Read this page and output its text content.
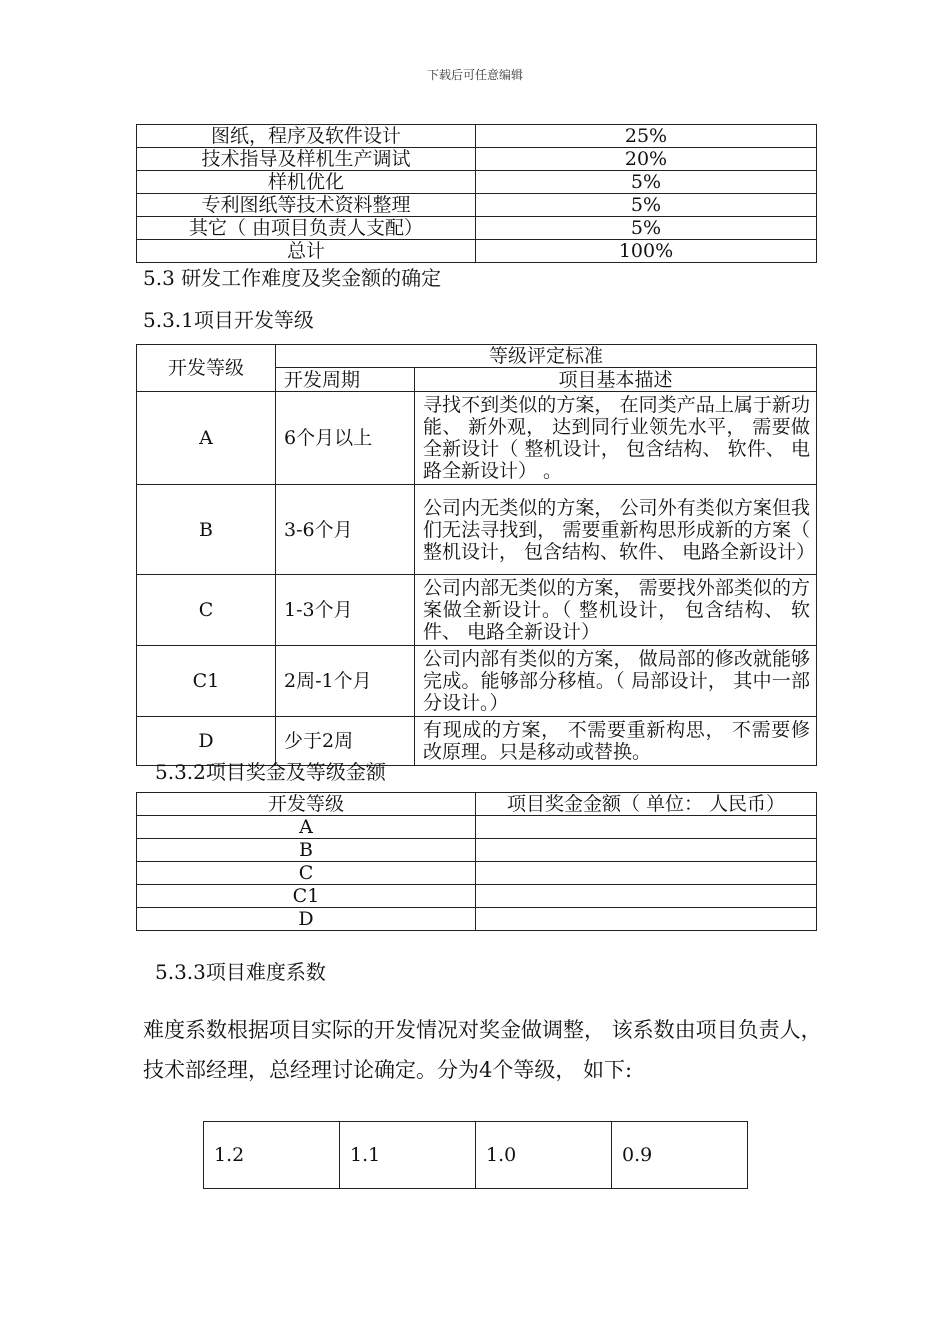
下载后可任意编辑
图纸，程序及软件设计	25%
技术指导及样机生产调试	20%
样机优化	5%
专利图纸等技术资料整理	5%
其它（ 由项目负责人支配）	5%
总计	100%
5.3 研发工作难度及奖金额的确定
5.3.1项目开发等级
开发等级	等级评定标准	
	开发周期	项目基本描述
A	6个月以上	寻找不到类似的方案， 在同类产品上属于新功能、 新外观， 达到同行业领先水平， 需要做全新设计（ 整机设计， 包含结构、 软件、 电路全新设计） 。
B	3-6个月	公司内无类似的方案， 公司外有类似方案但我们无法寻找到， 需要重新构思形成新的方案（ 整机设计， 包含结构、软件、 电路全新设计）
C	1-3个月	公司内部无类似的方案， 需要找外部类似的方案做全新设计。（ 整机设计， 包含结构、 软件、 电路全新设计）
C1	2周-1个月	公司内部有类似的方案， 做局部的修改就能够完成。能够部分移植。（ 局部设计， 其中一部分设计。）
D	少于2周	有现成的方案， 不需要重新构思， 不需要修改原理。只是移动或替换。
5.3.2项目奖金及等级金额
开发等级	项目奖金金额（ 单位： 人民币）
A	
B	
C	
C1	
D	
5.3.3项目难度系数
难度系数根据项目实际的开发情况对奖金做调整， 该系数由项目负责人，技术部经理，总经理讨论确定。分为4个等级， 如下:
1.2	1.1	1.0	0.9
